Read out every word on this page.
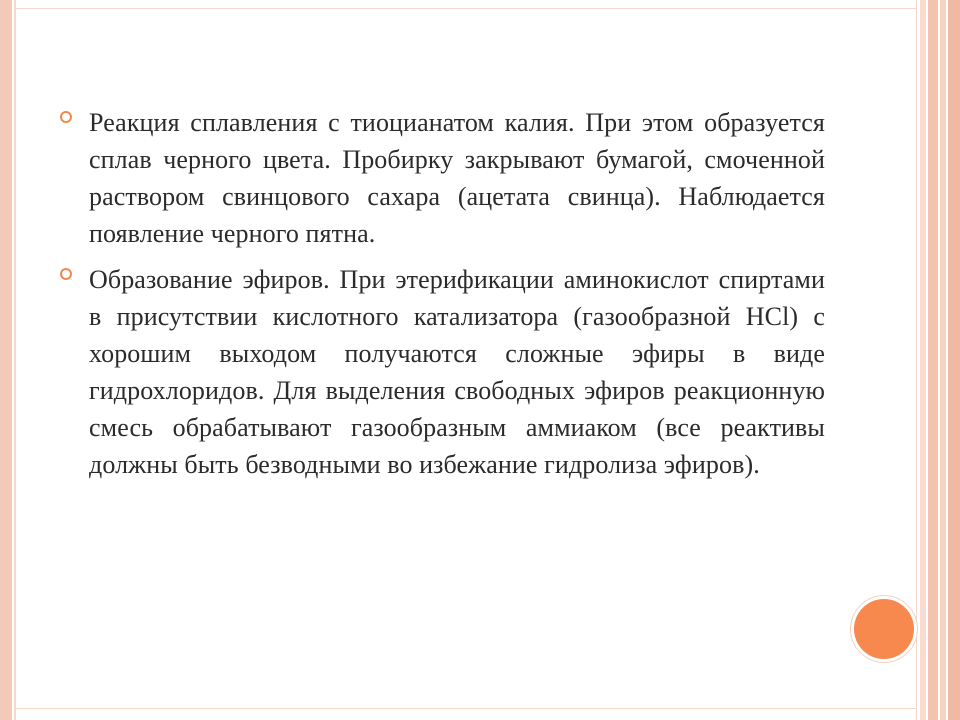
Реакция сплавления с тиоцианатом калия. При этом образуется сплав черного цвета. Пробирку закрывают бумагой, смоченной раствором свинцового сахара (ацетата свинца). Наблюдается появление черного пятна.
Образование эфиров. При этерификации аминокислот спиртами в присутствии кислотного катализатора (газообразной HCl) с хорошим выходом получаются сложные эфиры в виде гидрохлоридов. Для выделения свободных эфиров реакционную смесь обрабатывают газообразным аммиаком (все реактивы должны быть безводными во избежание гидролиза эфиров).
